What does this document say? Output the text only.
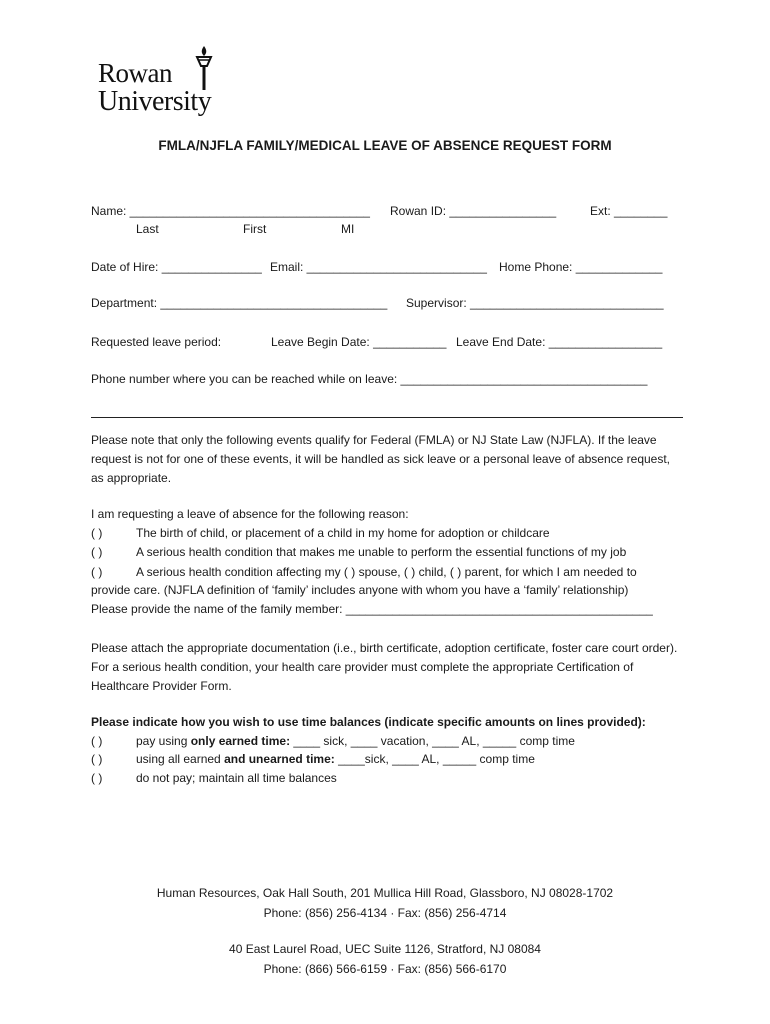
Rowan
University
FMLA/NJFLA FAMILY/MEDICAL LEAVE OF ABSENCE REQUEST FORM
Name: ____________________________________ Rowan ID: ________________	Ext: ________
Last	First	MI
Date of Hire: _______________ Email: ___________________________ Home Phone: _____________
Department: __________________________________ Supervisor: _____________________________
Requested leave period:	Leave Begin Date: ___________ Leave End Date: _________________
Phone number where you can be reached while on leave: _____________________________________
Please note that only the following events qualify for Federal (FMLA) or NJ State Law (NJFLA). If the leave request is not for one of these events, it will be handled as sick leave or a personal leave of absence request, as appropriate.
I am requesting a leave of absence for the following reason:
( )	The birth of child, or placement of a child in my home for adoption or childcare
( )	A serious health condition that makes me unable to perform the essential functions of my job
( )	A serious health condition affecting my ( ) spouse, ( ) child, ( ) parent, for which I am needed to
provide care. (NJFLA definition of ‘family’ includes anyone with whom you have a ‘family’ relationship)
Please provide the name of the family member: ______________________________________________
Please attach the appropriate documentation (i.e., birth certificate, adoption certificate, foster care court order). For a serious health condition, your health care provider must complete the appropriate Certification of Healthcare Provider Form.
Please indicate how you wish to use time balances (indicate specific amounts on lines provided):
( )	pay using only earned time: ____ sick, ____ vacation, ____ AL, _____ comp time
( )	using all earned and unearned time: ____sick, ____ AL, _____ comp time
( )	do not pay; maintain all time balances
Human Resources, Oak Hall South, 201 Mullica Hill Road, Glassboro, NJ 08028-1702
Phone: (856) 256-4134 · Fax: (856) 256-4714
40 East Laurel Road, UEC Suite 1126, Stratford, NJ 08084
Phone: (866) 566-6159 · Fax: (856) 566-6170
